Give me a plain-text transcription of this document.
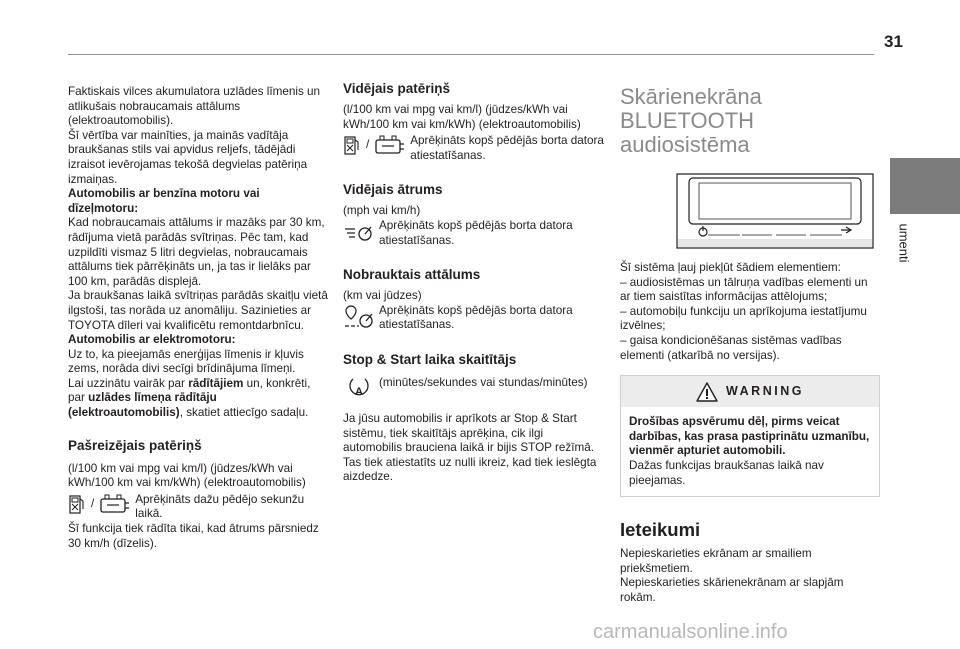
31
umenti

Faktiskais vilces akumulatora uzlādes līmenis un atlikušais nobraucamais attālums (elektroautomobilis).

Šī vērtība var mainīties, ja mainās vadītāja braukšanas stils vai apvidus reljefs, tādējādi izraisot ievērojamas tekošā degvielas patēriņa izmaiņas.

Automobilis ar benzīna motoru vai dīzeļmotoru:

Kad nobraucamais attālums ir mazāks par 30 km, rādījuma vietā parādās svītriņas. Pēc tam, kad uzpildīti vismaz 5 litri degvielas, nobraucamais attālums tiek pārrēķināts un, ja tas ir lielāks par 100 km, parādās displejā.

Ja braukšanas laikā svītriņas parādās skaitļu vietā ilgstoši, tas norāda uz anomāliju. Sazinieties ar TOYOTA dīleri vai kvalificētu remontdarbnīcu.

Automobilis ar elektromotoru:

Uz to, ka pieejamās enerģijas līmenis ir kļuvis zems, norāda divi secīgi brīdinājuma līmeņi.

Lai uzzinātu vairāk par rādītājiem un, konkrēti, par uzlādes līmeņa rādītāju (elektroautomobilis), skatiet attiecīgo sadaļu.

Pašreizējais patēriņš

(l/100 km vai mpg vai km/l) (jūdzes/kWh vai kWh/100 km vai km/kWh) (elektroautomobilis)

/	Aprēķināts dažu pēdējo sekunžu laikā.

Šī funkcija tiek rādīta tikai, kad ātrums pārsniedz 30 km/h (dīzelis).

Vidējais patēriņš

(l/100 km vai mpg vai km/l) (jūdzes/kWh vai kWh/100 km vai km/kWh) (elektroautomobilis)

/	Aprēķināts kopš pēdējās borta datora atiestatīšanas.
Vidējais ātrums

(mph vai km/h)

Aprēķināts kopš pēdējās borta datora atiestatīšanas.
Nobrauktais attālums

(km vai jūdzes)

Aprēķināts kopš pēdējās borta datora atiestatīšanas.
Stop & Start laika skaitītājs
A
(minūtes/sekundes vai stundas/minūtes)

Ja jūsu automobilis ir aprīkots ar Stop & Start sistēmu, tiek skaitītājs aprēķina, cik ilgi automobilis brauciena laikā ir bijis STOP režīmā. Tas tiek atiestatīts uz nulli ikreiz, kad tiek ieslēgta aizdedze.

Skārienekrāna

BLUETOOTH

audiosistēma

Šī sistēma ļauj piekļūt šādiem elementiem:

– audiosistēmas un tālruņa vadības elementi un ar tiem saistītas informācijas attēlojums;

– automobiļu funkciju un aprīkojuma iestatījumu izvēlnes;

– gaisa kondicionēšanas sistēmas vadības elementi (atkarībā no versijas).

WARNING

Drošības apsvērumu dēļ, pirms veicat darbības, kas prasa pastiprinātu uzmanību, vienmēr apturiet automobili.

Dažas funkcijas braukšanas laikā nav pieejamas.

Ieteikumi

Nepieskarieties ekrānam ar smailiem priekšmetiem.

Nepieskarieties skārienekrānam ar slapjām rokām.

carmanualsonline.info
